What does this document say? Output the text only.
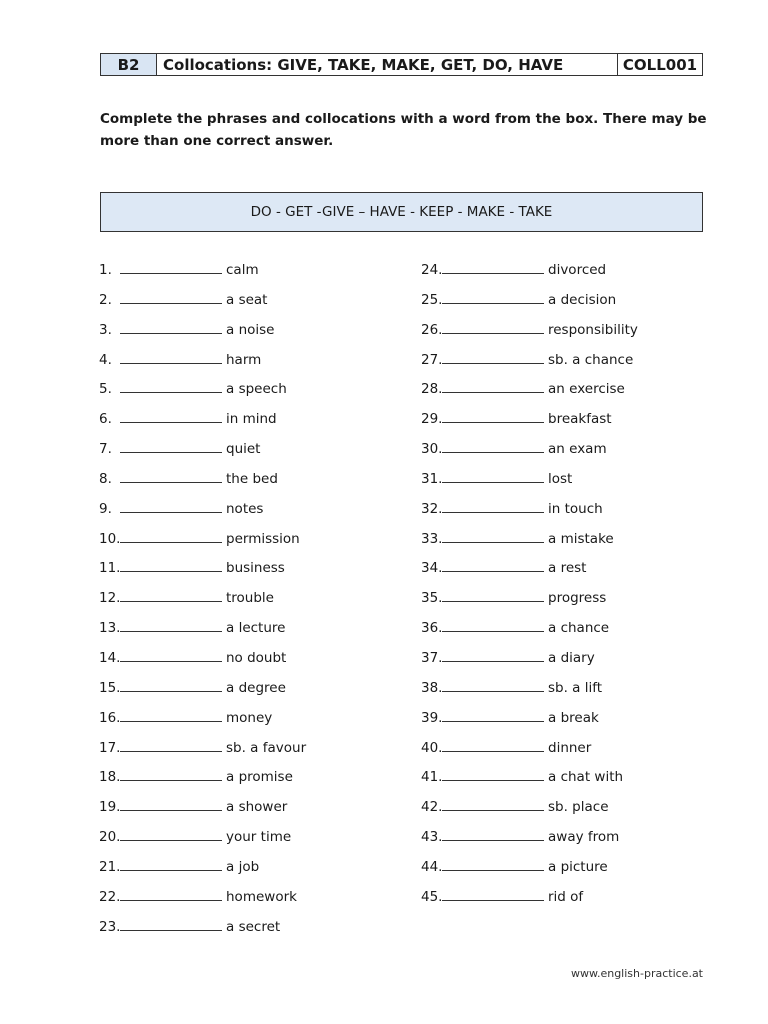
B2	Collocations: GIVE, TAKE, MAKE, GET, DO, HAVE	COLL001
Complete the phrases and collocations with a word from the box. There may be more than one correct answer.
DO - GET -GIVE – HAVE - KEEP - MAKE - TAKE
1.	calm
2.	a seat
3.	a noise
4.	harm
5.	a speech
6.	in mind
7.	quiet
8.	the bed
9.	notes
10.	permission
11.	business
12.	trouble
13.	a lecture
14.	no doubt
15.	a degree
16.	money
17.	sb. a favour
18.	a promise
19.	a shower
20.	your time
21.	a job
22.	homework
23.	a secret
24.	divorced
25.	a decision
26.	responsibility
27.	sb. a chance
28.	an exercise
29.	breakfast
30.	an exam
31.	lost
32.	in touch
33.	a mistake
34.	a rest
35.	progress
36.	a chance
37.	a diary
38.	sb. a lift
39.	a break
40.	dinner
41.	a chat with
42.	sb. place
43.	away from
44.	a picture
45.	rid of
www.english-practice.at
